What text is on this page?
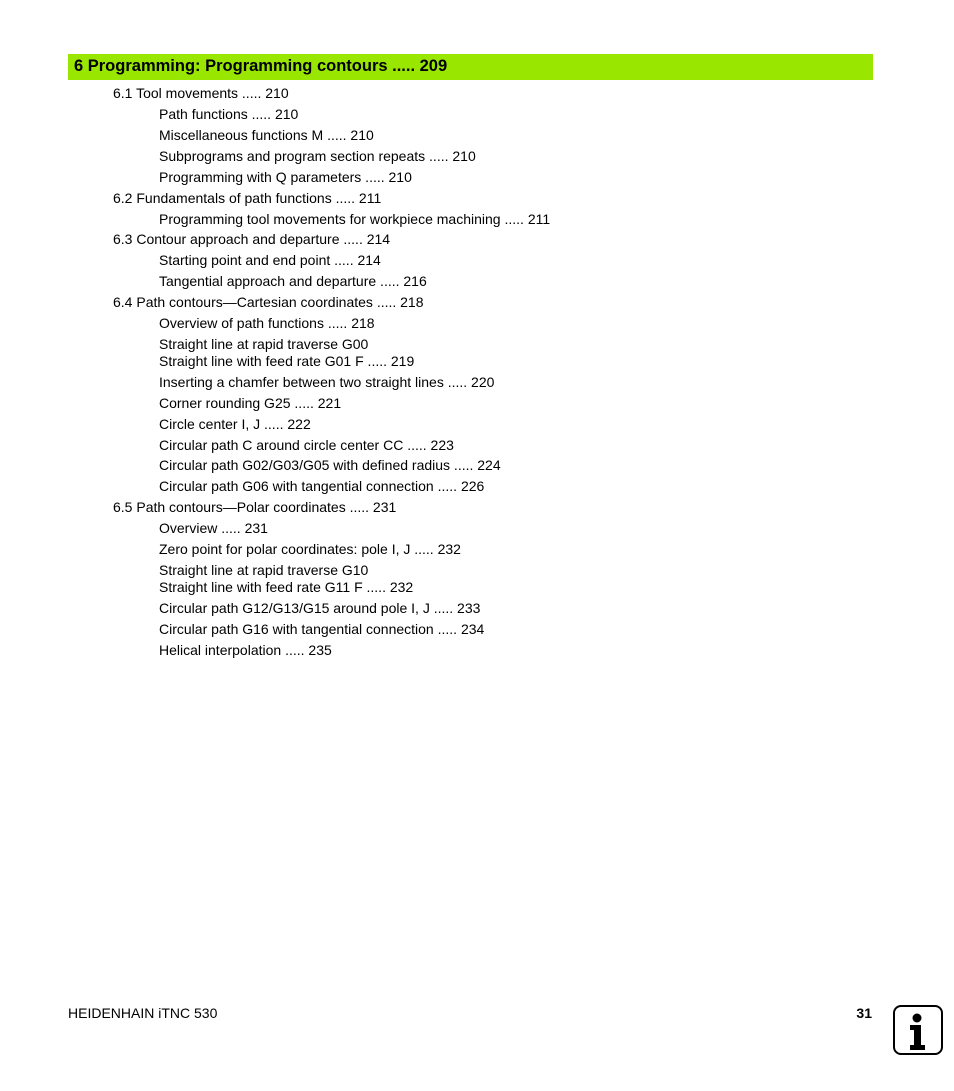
6 Programming: Programming contours ..... 209
6.1 Tool movements ..... 210
Path functions ..... 210
Miscellaneous functions M ..... 210
Subprograms and program section repeats ..... 210
Programming with Q parameters ..... 210
6.2 Fundamentals of path functions ..... 211
Programming tool movements for workpiece machining ..... 211
6.3 Contour approach and departure ..... 214
Starting point and end point ..... 214
Tangential approach and departure ..... 216
6.4 Path contours—Cartesian coordinates ..... 218
Overview of path functions ..... 218
Straight line at rapid traverse G00
Straight line with feed rate G01 F ..... 219
Inserting a chamfer between two straight lines ..... 220
Corner rounding G25 ..... 221
Circle center I, J ..... 222
Circular path C around circle center CC ..... 223
Circular path G02/G03/G05 with defined radius ..... 224
Circular path G06 with tangential connection ..... 226
6.5 Path contours—Polar coordinates ..... 231
Overview ..... 231
Zero point for polar coordinates: pole I, J ..... 232
Straight line at rapid traverse G10
Straight line with feed rate G11 F ..... 232
Circular path G12/G13/G15 around pole I, J ..... 233
Circular path G16 with tangential connection ..... 234
Helical interpolation ..... 235
HEIDENHAIN iTNC 530	31
